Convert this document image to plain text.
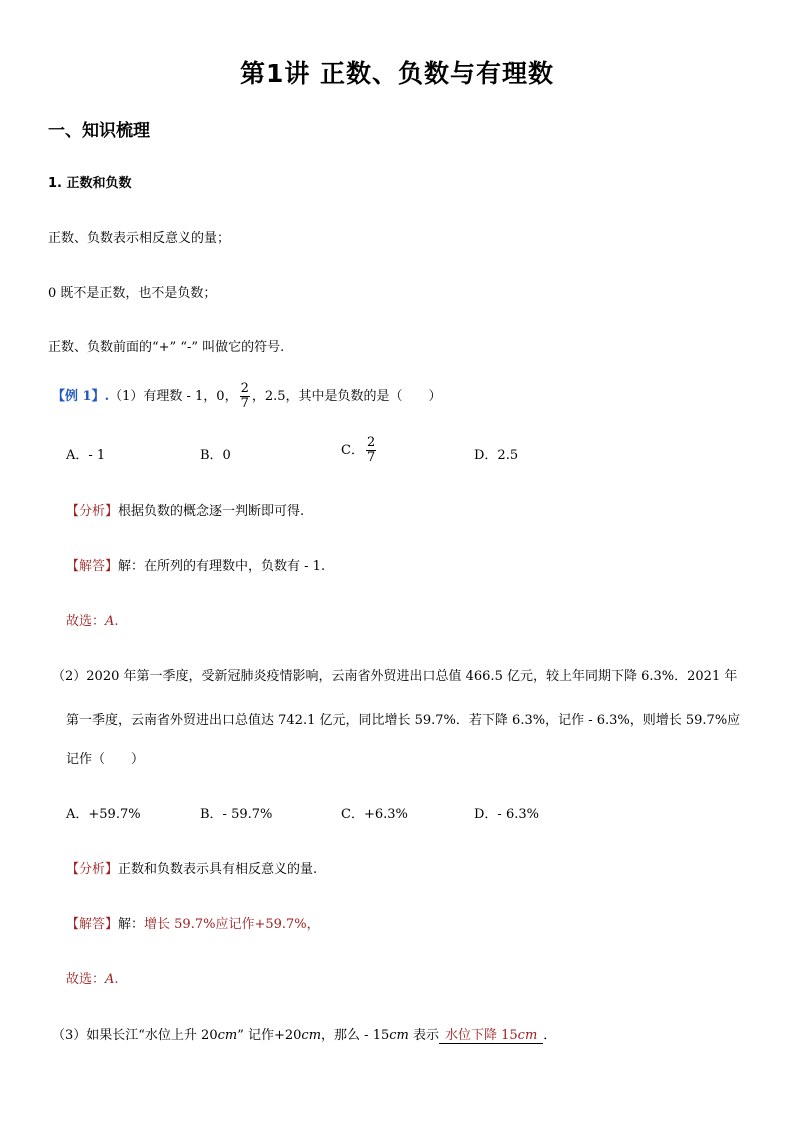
第1讲 正数、负数与有理数
一、知识梳理
1. 正数和负数
正数、负数表示相反意义的量；
0 既不是正数，也不是负数；
正数、负数前面的“+” “-” 叫做它的符号.
【例 1】.（1）有理数 - 1，0， $\frac{2}{7}$ ，2.5，其中是负数的是（　　）
A．- 1	B．0	C． $\frac{2}{7}$	D．2.5
【分析】根据负数的概念逐一判断即可得.
【解答】解：在所列的有理数中，负数有 - 1.
故选：A.
（2）2020 年第一季度，受新冠肺炎疫情影响，云南省外贸进出口总值 466.5 亿元，较上年同期下降 6.3%．2021 年
第一季度，云南省外贸进出口总值达 742.1 亿元，同比增长 59.7%．若下降 6.3%，记作 - 6.3%，则增长 59.7%应
记作（　　）
A．+59.7%	B．- 59.7%	C．+6.3%	D．- 6.3%
【分析】正数和负数表示具有相反意义的量.
【解答】解：增长 59.7%应记作+59.7%，
故选：A.
（3）如果长江“水位上升 20cm” 记作+20cm，那么 - 15cm 表示 水位下降 15cm ．
